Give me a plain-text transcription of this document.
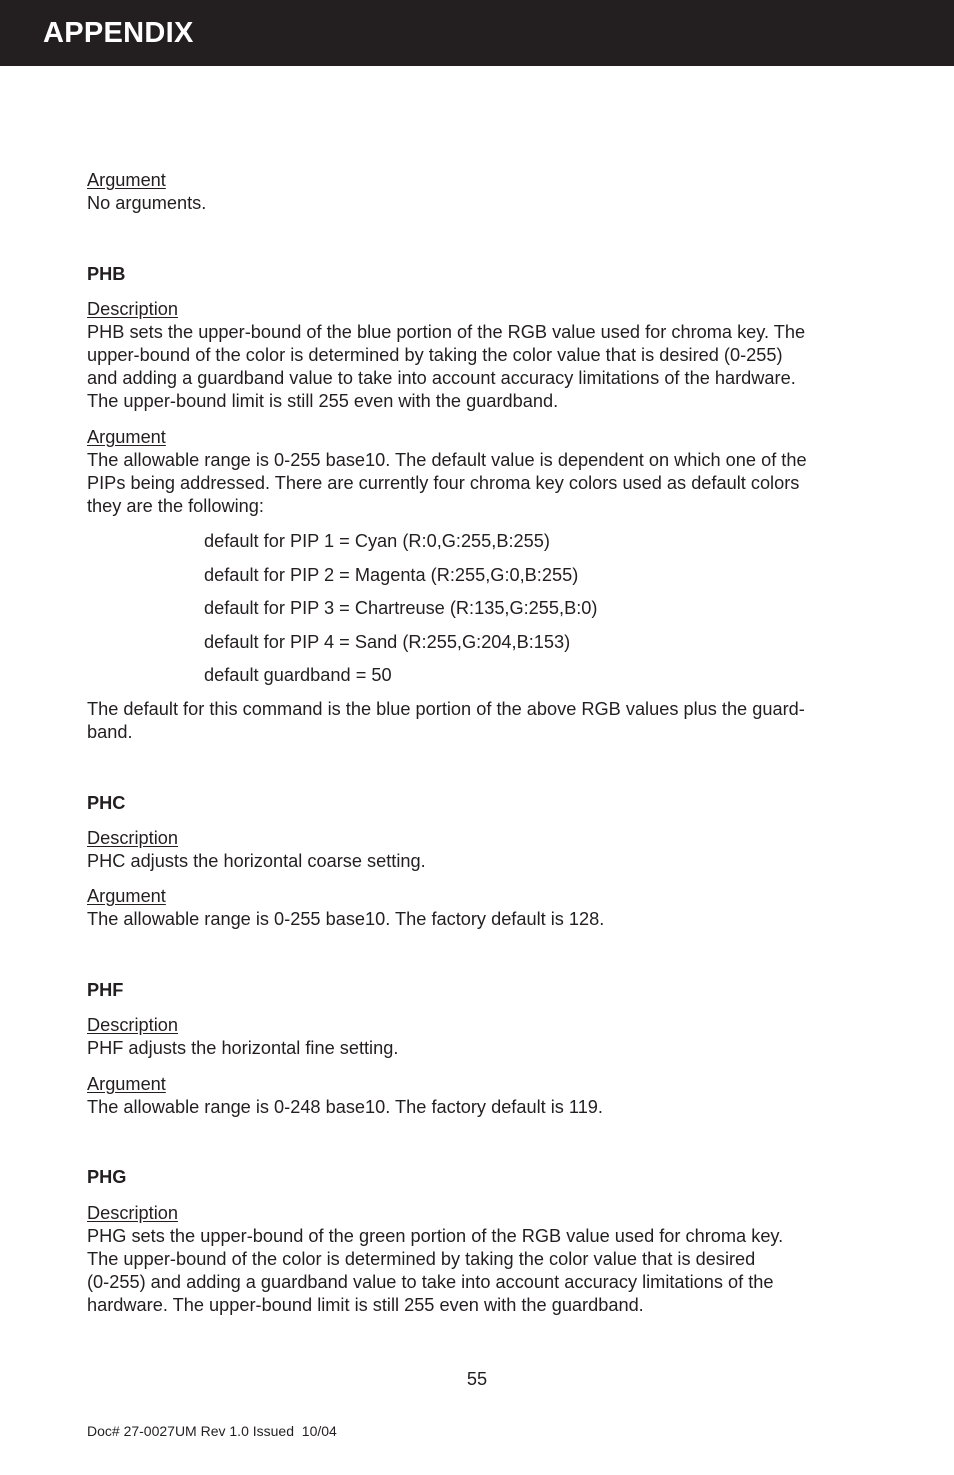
APPENDIX
Argument
No arguments.
PHB
Description
PHB sets the upper-bound of the blue portion of the RGB value used for chroma key. The
upper-bound of the color is determined by taking the color value that is desired (0-255)
and adding a guardband value to take into account accuracy limitations of the hardware.
The upper-bound limit is still 255 even with the guardband.
Argument
The allowable range is 0-255 base10. The default value is dependent on which one of the
PIPs being addressed. There are currently four chroma key colors used as default colors
they are the following:
default for PIP 1 = Cyan (R:0,G:255,B:255)
default for PIP 2 = Magenta (R:255,G:0,B:255)
default for PIP 3 = Chartreuse (R:135,G:255,B:0)
default for PIP 4 = Sand (R:255,G:204,B:153)
default guardband = 50
The default for this command is the blue portion of the above RGB values plus the guard-
band.
PHC
Description
PHC adjusts the horizontal coarse setting.
Argument
The allowable range is 0-255 base10. The factory default is 128.
PHF
Description
PHF adjusts the horizontal fine setting.
Argument
The allowable range is 0-248 base10. The factory default is 119.
PHG
Description
PHG sets the upper-bound of the green portion of the RGB value used for chroma key.
The upper-bound of the color is determined by taking the color value that is desired
(0-255) and adding a guardband value to take into account accuracy limitations of the
hardware. The upper-bound limit is still 255 even with the guardband.
55
Doc# 27-0027UM Rev 1.0 Issued  10/04
